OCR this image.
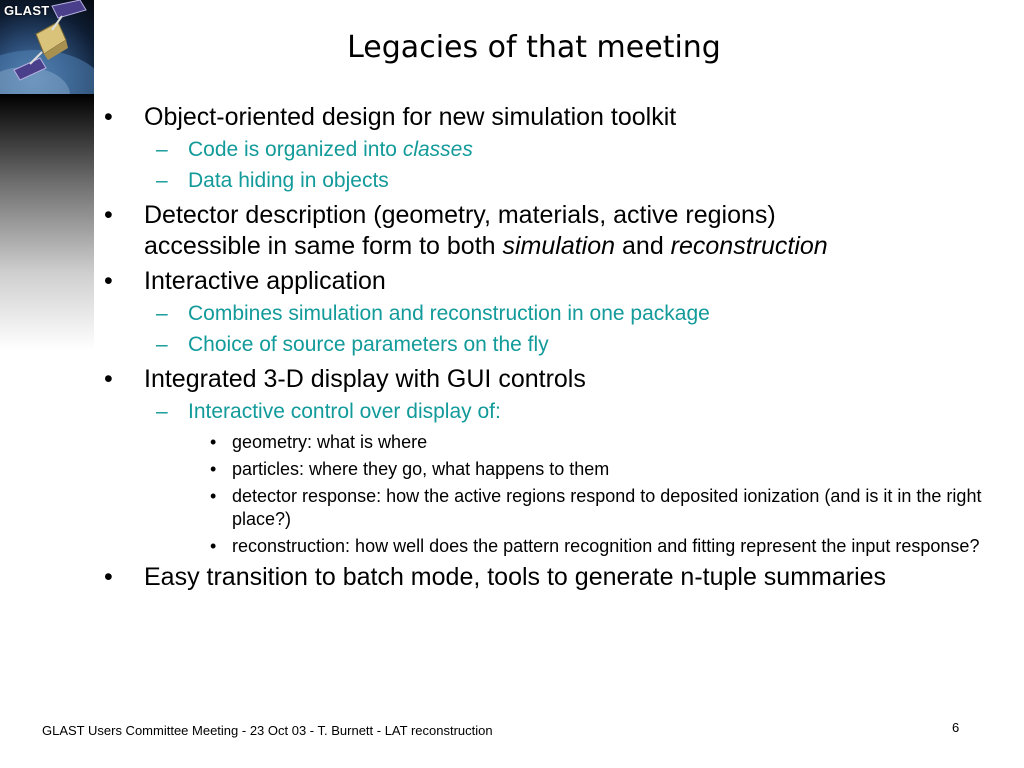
GLAST
Legacies of that meeting
• Object-oriented design for new simulation toolkit
– Code is organized into classes
– Data hiding in objects
• Detector description (geometry, materials, active regions)
accessible in same form to both simulation and reconstruction
• Interactive application
– Combines simulation and reconstruction in one package
– Choice of source parameters on the fly
• Integrated 3-D display with GUI controls
– Interactive control over display of:
• geometry: what is where
• particles: where they go, what happens to them
• detector response: how the active regions respond to deposited ionization (and is it in the right place?)
• reconstruction: how well does the pattern recognition and fitting represent the input response?
• Easy transition to batch mode, tools to generate n-tuple summaries
GLAST Users Committee Meeting - 23 Oct 03 - T. Burnett - LAT reconstruction	6
